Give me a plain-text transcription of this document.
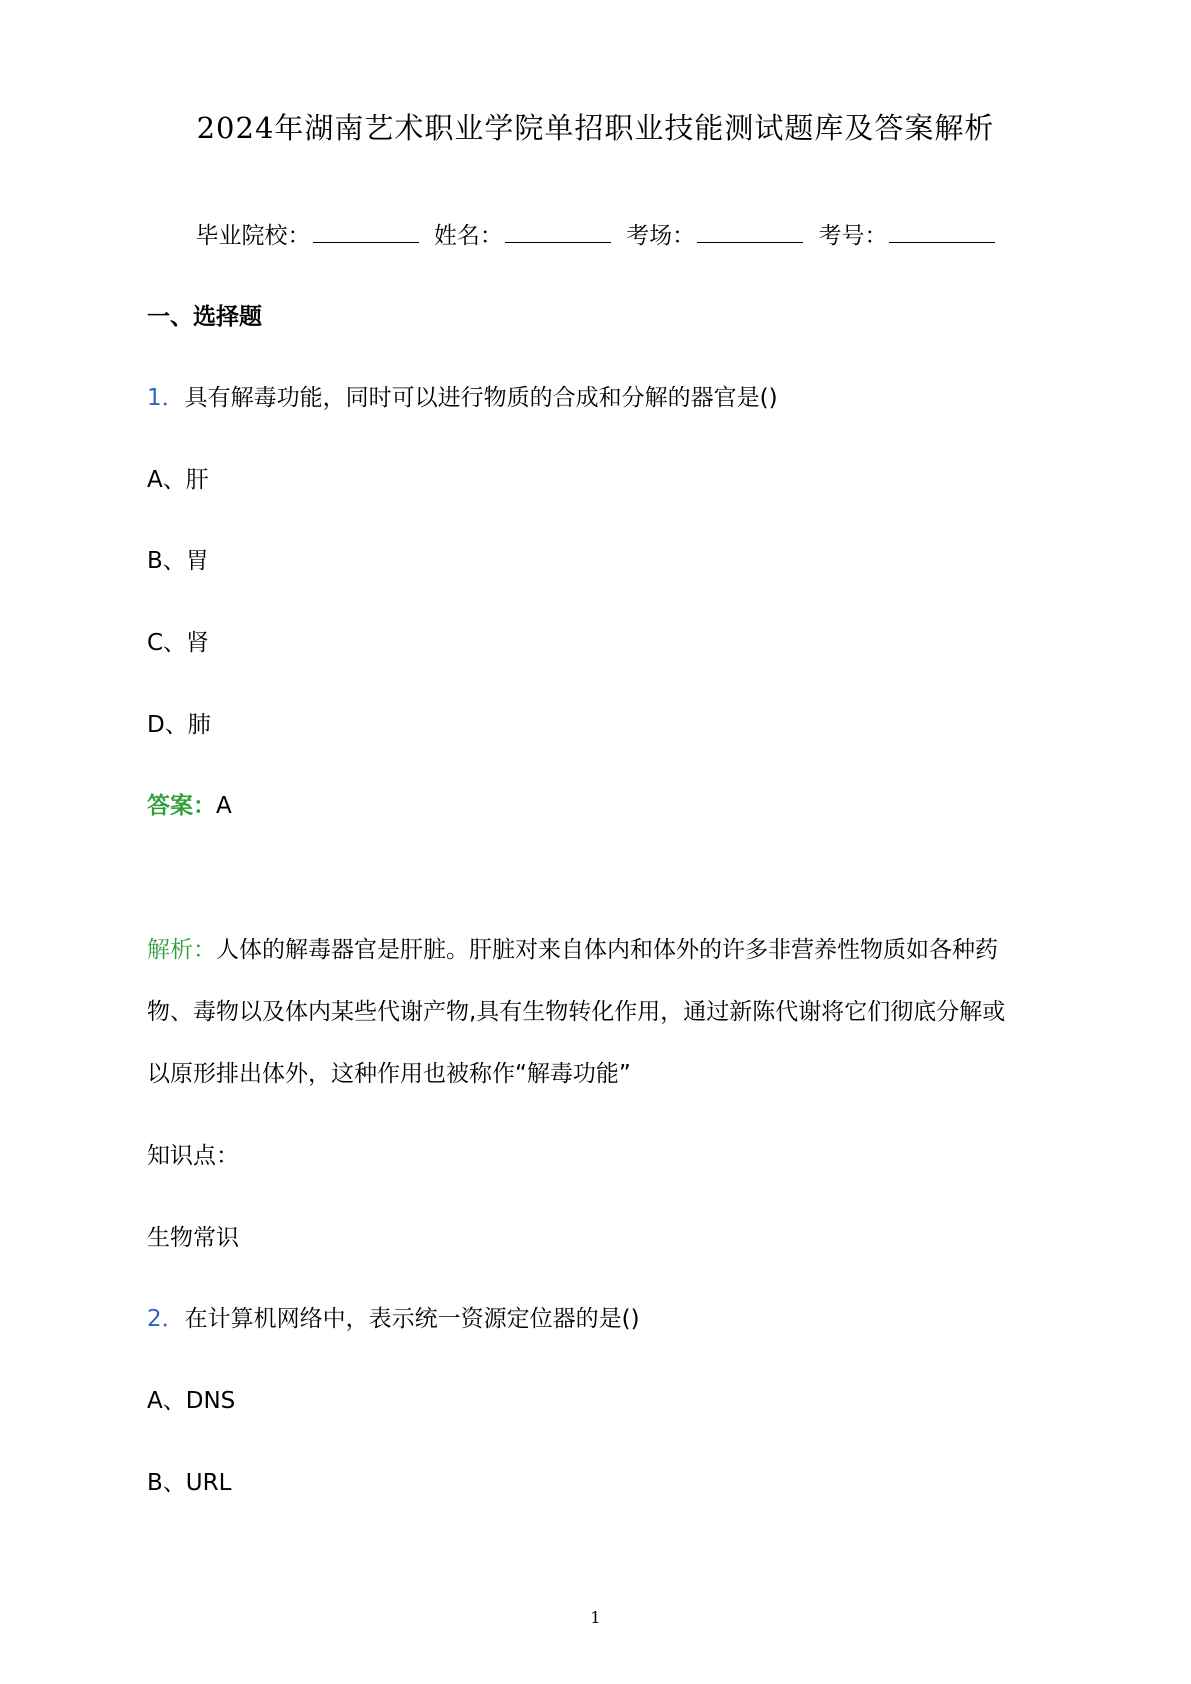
2024年湖南艺术职业学院单招职业技能测试题库及答案解析
毕业院校：	姓名：	考场：	考号：
一、选择题
1．具有解毒功能，同时可以进行物质的合成和分解的器官是()
A、肝
B、胃
C、肾
D、肺
答案：A
解析：人体的解毒器官是肝脏。肝脏对来自体内和体外的许多非营养性物质如各种药
物、毒物以及体内某些代谢产物,具有生物转化作用，通过新陈代谢将它们彻底分解或
以原形排出体外，这种作用也被称作“解毒功能”
知识点：
生物常识
2．在计算机网络中，表示统一资源定位器的是()
A、DNS
B、URL
1
